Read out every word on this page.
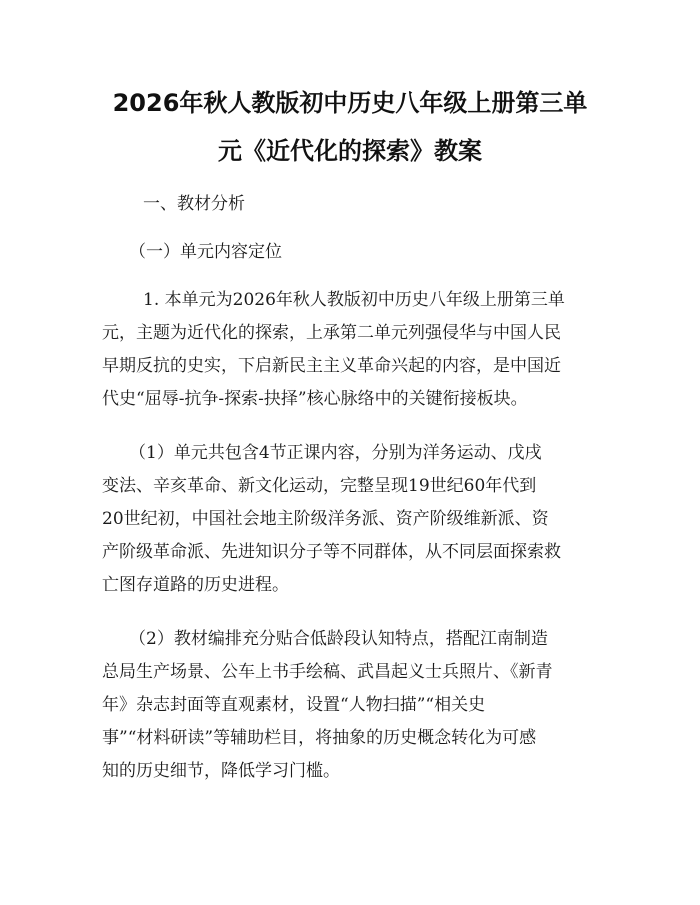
2026年秋人教版初中历史八年级上册第三单
元《近代化的探索》教案
一、教材分析
（一）单元内容定位
1. 本单元为2026年秋人教版初中历史八年级上册第三单
元，主题为近代化的探索，上承第二单元列强侵华与中国人民
早期反抗的史实，下启新民主主义革命兴起的内容，是中国近
代史“屈辱-抗争-探索-抉择”核心脉络中的关键衔接板块。
（1）单元共包含4节正课内容，分别为洋务运动、戊戌
变法、辛亥革命、新文化运动，完整呈现19世纪60年代到
20世纪初，中国社会地主阶级洋务派、资产阶级维新派、资
产阶级革命派、先进知识分子等不同群体，从不同层面探索救
亡图存道路的历史进程。
（2）教材编排充分贴合低龄段认知特点，搭配江南制造
总局生产场景、公车上书手绘稿、武昌起义士兵照片、《新青
年》杂志封面等直观素材，设置“人物扫描”“相关史
事”“材料研读”等辅助栏目，将抽象的历史概念转化为可感
知的历史细节，降低学习门槛。
